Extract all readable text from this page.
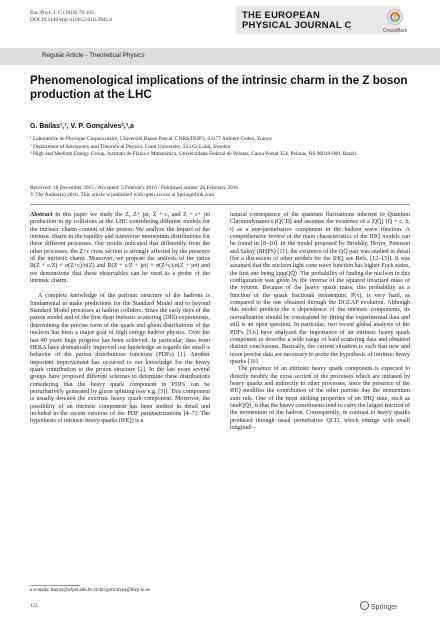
Eur. Phys. J. C (2016) 76:105
DOI 10.1140/epjc/s10052-016-3941-z	THE EUROPEAN
PHYSICAL JOURNAL C
CrossMark
Regular Article - Theoretical Physics
Phenomenological implications of the intrinsic charm in the Z boson production at the LHC
G. Bailas¹,³, V. P. Gonçalves²,³,a
¹ Laboratoire de Physique Corpusculaire, Université Blaise Pascal, CNRS/IN2P3, 63177 Aubière Cedex, France
² Department of Astronomy and Theoretical Physics, Lund University, 223 62 Lund, Sweden
³ High and Medium Energy Group, Instituto de Física e Matemática, Universidade Federal de Pelotas, Caixa Postal 354, Pelotas, RS 96010-900, Brazil
Received: 18 December 2015 / Accepted: 5 February 2016 / Published online: 26 February 2016
© The Author(s) 2016. This article is published with open access at Springerlink.com

Abstract In this paper we study the Z, Z+ jet, Z + c, and Z + c+ jet production in pp collisions at the LHC considering different models for the intrinsic charm content of the proton. We analyze the impact of the intrinsic charm in the rapidity and transverse momentum distributions for these different processes. Our results indicated that differently from the other processes, the Z+c cross section is strongly affected by the presence of the intrinsic charm. Moreover, we propose the analysis of the ratios R(Z + c/Z) ≡ σ(Z+c)/σ(Z) and R(Z + c/Z + jet) ≡ σ(Z+c)/σ(Z + jet) and we demonstrate that these observables can be used as a probe of the intrinsic charm.

A complete knowledge of the partonic structure of the hadrons is fundamental to make predictions for the Standard Model and to beyond Standard Model processes at hadron colliders. Since the early days of the parton model and of the first deep inelastic scattering (DIS) experiments, determining the precise form of the quark and gluon distributions of the nucleon has been a major goal of high energy hadron physics. Over the last 40 years huge progress has been achieved. In particular, data from HERA have dramatically improved our knowledge as regards the small-x behavior of the parton distributions functions (PDFs) [1]. Another important improvement has occurred to our knowledge for the heavy quark contribution to the proton structure [2]. In the last years several groups have proposed different schemes to determine these distributions considering that the heavy quark component in PDFs can be perturbatively generated by gluon splitting (see e.g. [3]). This component is usually denoted the extrinsic heavy quark component. Moreover, the possibility of an intrinsic component has been studied in detail and included in the recent versions of the PDF parametrizations [4–7]. The hypothesis of intrinsic heavy quarks (IHQ) is a

natural consequence of the quantum fluctuations inherent to Quantum Chromodynamics (QCD) and assumes the existence of a |QQ̄⟩ (Q = c, b, t) as a non-perturbative component in the hadron wave function. A comprehensive review of the main characteristics of the IHQ models can be found in [8–10]. In the model proposed by Brodsky, Hoyer, Peterson and Sakay (BHPS) [11], the existence of the QQ̄ pair was studied in detail (for a discussion of other models for the IHQ see Refs. [12–15]). It was assumed that the nucleon light cone wave function has higher Fock states, the first one being |qqqQQ̄⟩. The probability of finding the nucleon in this configuration was given by the inverse of the squared invariant mass of the system. Because of the heavy quark mass, this probability as a function of the quark fractional momentum, P(x), is very hard, as compared to the one obtained through the DGLAP evolution. Although this model predicts the x dependence of the intrinsic components, its normalization should be constrained by fitting the experimental data and still is an open question. In particular, two recent global analysis of the PDFs [5,6] have analyzed the importance of an intrinsic heavy quark component to describe a wide range of hard scattering data and obtained distinct conclusions. Basically, the current situation is such that new and more precise data are necessary to probe the hypothesis of intrinsic heavy quarks [16].

The presence of an intrinsic heavy quark component is expected to directly modify the cross section of the processes which are initiated by heavy quarks and indirectly to other processes, since the presence of the IHQ modifies the contribution of the other partons due the momentum sum rule. One of the most striking properties of an IHQ state, such as |uudQQ̄⟩, is that the heavy constituents tend to carry the largest fraction of the momentum of the hadron. Consequently, in contrast to heavy quarks produced through usual perturbative QCD, which emerge with small longitudi-

a e-mails: barros@ufpel.edu.br;victor.goncalves@thep.lu.se
123	Springer
